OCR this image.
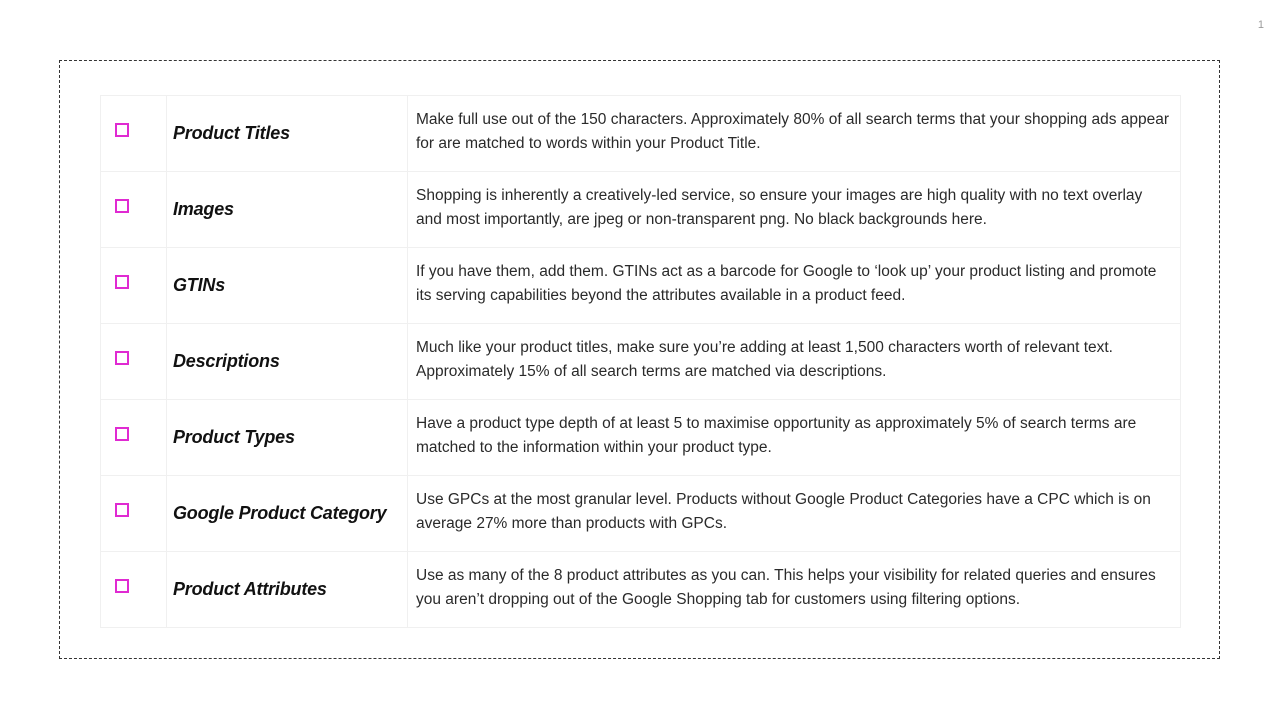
1

	Product Titles	Make full use out of the 150 characters. Approximately 80% of all search terms that your shopping ads appear for are matched to words within your Product Title.

	Images	Shopping is inherently a creatively-led service, so ensure your images are high quality with no text overlay and most importantly, are jpeg or non-transparent png. No black backgrounds here.

	GTINs	If you have them, add them. GTINs act as a barcode for Google to ‘look up’ your product listing and promote its serving capabilities beyond the attributes available in a product feed.

	Descriptions	Much like your product titles, make sure you’re adding at least 1,500 characters worth of relevant text. Approximately 15% of all search terms are matched via descriptions.

	Product Types	Have a product type depth of at least 5 to maximise opportunity as approximately 5% of search terms are matched to the information within your product type.

	Google Product Category	Use GPCs at the most granular level. Products without Google Product Categories have a CPC which is on average 27% more than products with GPCs.

	Product Attributes	Use as many of the 8 product attributes as you can. This helps your visibility for related queries and ensures you aren’t dropping out of the Google Shopping tab for customers using filtering options.
